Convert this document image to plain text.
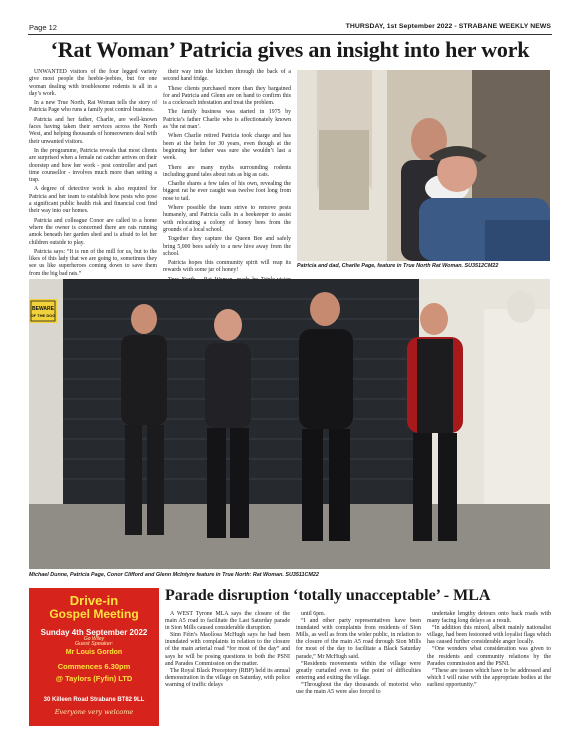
Page 12	THURSDAY, 1st September 2022 - STRABANE WEEKLY NEWS
‘Rat Woman’ Patricia gives an insight into her work

UNWANTED visitors of the four legged variety give most people the heebie-jeebies, but for one woman dealing with troublesome rodents is all in a day’s work.

In a new True North, Rat Woman tells the story of Patricia Page who runs a family pest control business.

Patricia and her father, Charlie, are well-known faces having taken their services across the North West, and helping thousands of homeowners deal with their unwanted visitors.

In the programme, Patricia reveals that most clients are surprised when a female rat catcher arrives on their doorstep and how her work - pest controller and part time counsellor - involves much more than setting a trap.

A degree of detective work is also required for Patricia and her team to establish how pests who pose a significant public health risk and financial cost find their way into our homes.

Patricia and colleague Conor are called to a home where the owner is concerned there are rats running amok beneath her garden shed and is afraid to let her children outside to play.

Patricia says: “It is run of the mill for us, but to the likes of this lady that we are going to, sometimes they see us like superheroes coming down to save them from the big bad rats.”

their way into the kitchen through the back of a second hand fridge.

These clients purchased more than they bargained for and Patricia and Glenn are on hand to confirm this is a cockroach infestation and treat the problem.

The family business was started in 1975 by Patricia’s father Charlie who is affectionately known as ‘the rat man’.

When Charlie retired Patricia took charge and has been at the helm for 30 years, even though at the beginning her father was sure she wouldn’t last a week.

There are many myths surrounding rodents including grand tales about rats as big as cats.

Charlie shares a few tales of his own, revealing the biggest rat he ever caught was twelve foot long from nose to tail.

Where possible the team strive to remove pests humanely, and Patricia calls in a beekeeper to assist with relocating a colony of honey bees from the grounds of a local school.

Together they capture the Queen Bee and safely bring 5,000 bees safely to a new hive away from the school.

Patricia hopes this community spirit will reap its rewards with some jar of honey!

Patricia and dad, Charlie Page, feature in True North Rat Woman. SU3512CM22
BEWARE
OF THE DOG
Michael Dunne, Patricia Page, Conor Clifford and Glenn McIntyre feature in True North: Rat Woman. SU3511CM22
Drive-in
Gospel Meeting
Sunday 4th September 2022
Guest Speaker:
Mr Louis Gordon
Commences 6.30pm
@ Taylors (Fyfin) LTD
Go Wiley
30 Killeen Road Strabane BT82 9LL
Everyone very welcome
Parade disruption ‘totally unacceptable’ - MLA

A WEST Tyrone MLA says the closure of the main A5 road to facilitate the Last Saturday parade in Sion Mills caused considerable disruption.

Sinn Féin’s Maolíosa McHugh says he had been inundated with complaints in relation to the closure of the main arterial road “for most of the day” and says he will be posing questions to both the PSNI and Parades Commission on the matter.

The Royal Black Preceptory (RBP) held its annual demonstration in the village on Saturday, with police warning of traffic delays

until 6pm.

“I and other party representatives have been inundated with complaints from residents of Sion Mills, as well as from the wider public, in relation to the closure of the main A5 road through Sion Mills for most of the day to facilitate a Black Saturday parade,” Mr McHugh said.

“Residents movements within the village were greatly curtailed even to the point of difficulties entering and exiting the village.

“Throughout the day thousands of motorist who use the main A5 were also forced to

undertake lengthy detours onto back roads with many facing long delays as a result.

“In addition this mixed, albeit mainly nationalist village, had been festooned with loyalist flags which has caused further considerable anger locally.

“One wonders what consideration was given to the residents and community relations by the Parades commission and the PSNI.

“These are issues which have to be addressed and which I will raise with the appropriate bodies at the earliest opportunity.”
